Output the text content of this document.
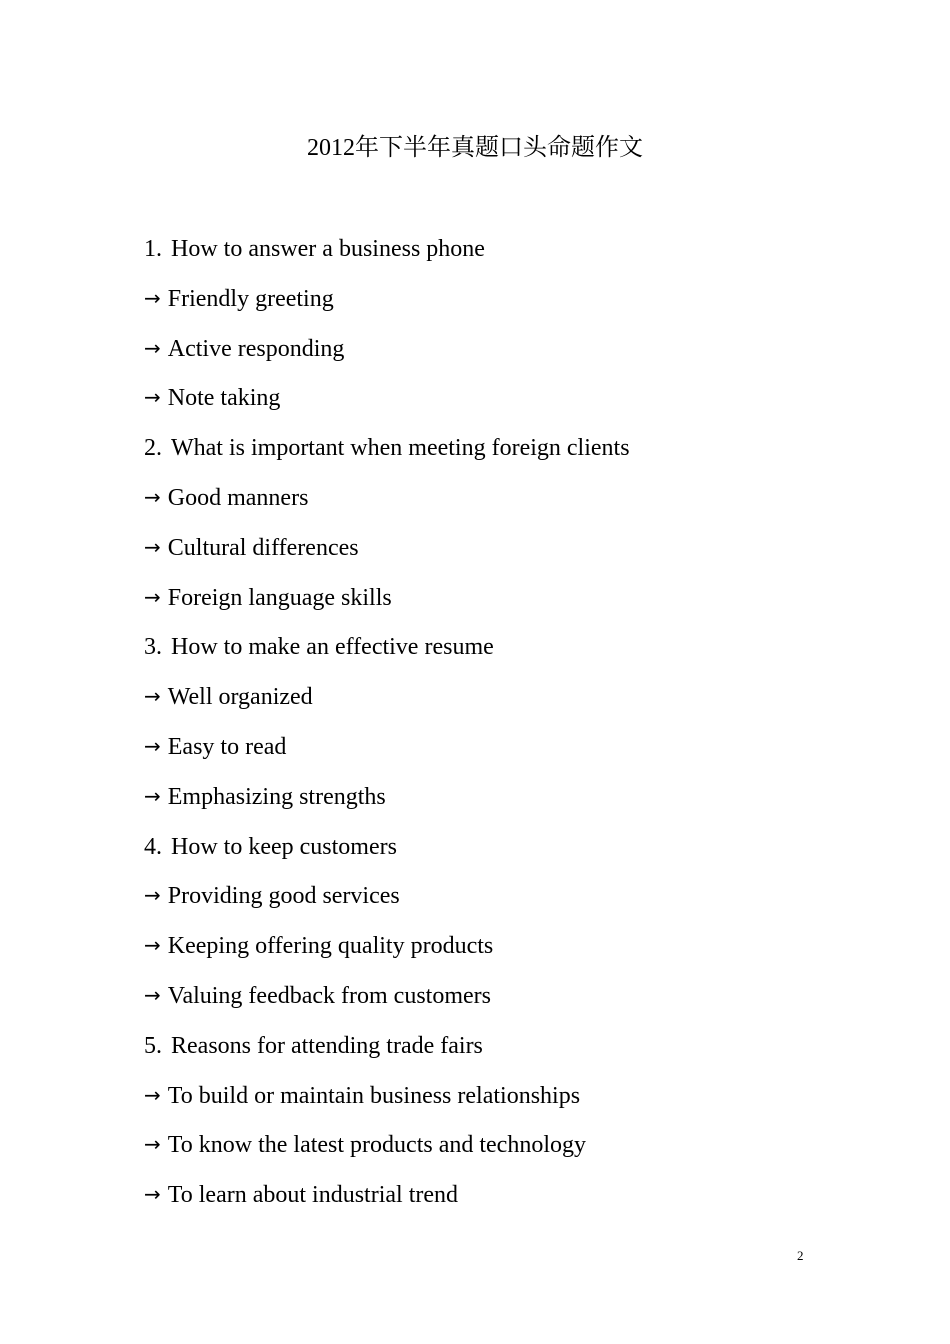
2012年下半年真题口头命题作文
1. How to answer a business phone
→ Friendly greeting
→ Active responding
→ Note taking
2. What is important when meeting foreign clients
→ Good manners
→ Cultural differences
→ Foreign language skills
3. How to make an effective resume
→ Well organized
→ Easy to read
→ Emphasizing strengths
4. How to keep customers
→ Providing good services
→ Keeping offering quality products
→ Valuing feedback from customers
5. Reasons for attending trade fairs
→ To build or maintain business relationships
→ To know the latest products and technology
→ To learn about industrial trend
2
